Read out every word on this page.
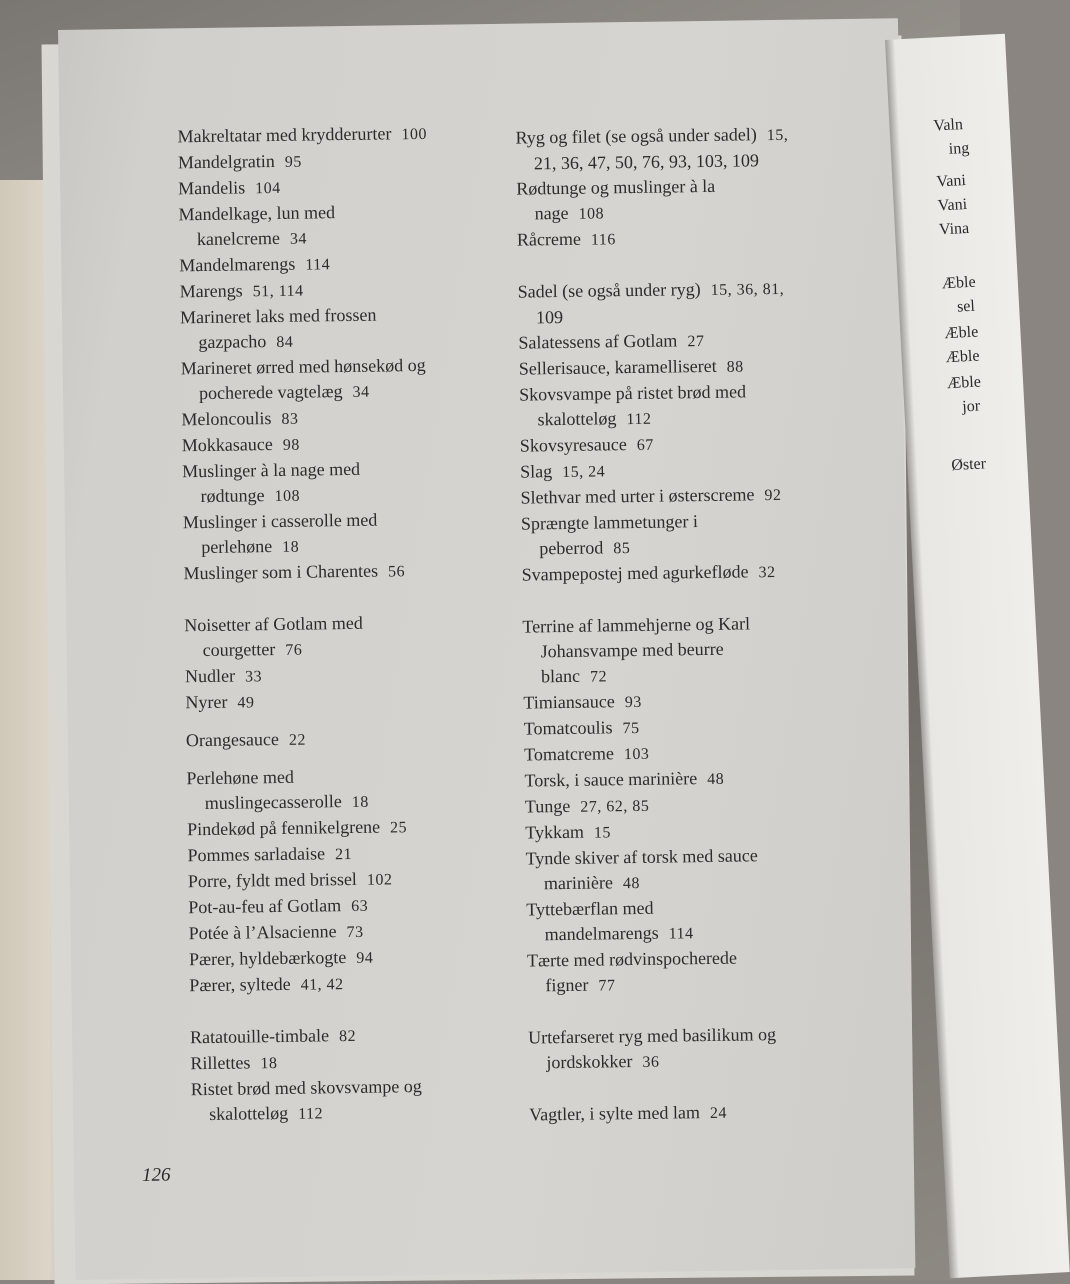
Makreltatar med krydderurter 100
Mandelgratin 95
Mandelis 104
Mandelkage, lun med
kanelcreme 34
Mandelmarengs 114
Marengs 51, 114
Marineret laks med frossen
gazpacho 84
Marineret ørred med hønsekød og
pocherede vagtelæg 34
Meloncoulis 83
Mokkasauce 98
Muslinger à la nage med
rødtunge 108
Muslinger i casserolle med
perlehøne 18
Muslinger som i Charentes 56
Noisetter af Gotlam med
courgetter 76
Nudler 33
Nyrer 49
Orangesauce 22
Perlehøne med
muslingecasserolle 18
Pindekød på fennikelgrene 25
Pommes sarladaise 21
Porre, fyldt med brissel 102
Pot-au-feu af Gotlam 63
Potée à l’Alsacienne 73
Pærer, hyldebærkogte 94
Pærer, syltede 41, 42
Ratatouille-timbale 82
Rillettes 18
Ristet brød med skovsvampe og
skalotteløg 112
Ryg og filet (se også under sadel) 15,
21, 36, 47, 50, 76, 93, 103, 109
Rødtunge og muslinger à la
nage 108
Råcreme 116
Sadel (se også under ryg) 15, 36, 81,
109
Salatessens af Gotlam 27
Sellerisauce, karamelliseret 88
Skovsvampe på ristet brød med
skalotteløg 112
Skovsyresauce 67
Slag 15, 24
Slethvar med urter i østerscreme 92
Sprængte lammetunger i
peberrod 85
Svampepostej med agurkefløde 32
Terrine af lammehjerne og Karl
Johansvampe med beurre
blanc 72
Timiansauce 93
Tomatcoulis 75
Tomatcreme 103
Torsk, i sauce marinière 48
Tunge 27, 62, 85
Tykkam 15
Tynde skiver af torsk med sauce
marinière 48
Tyttebærflan med
mandelmarengs 114
Tærte med rødvinspocherede
figner 77
Urtefarseret ryg med basilikum og
jordskokker 36
Vagtler, i sylte med lam 24
126
Valn
ing
Vani
Vani
Vina
Æble
sel
Æble
Æble
Æble
jor
Øster
